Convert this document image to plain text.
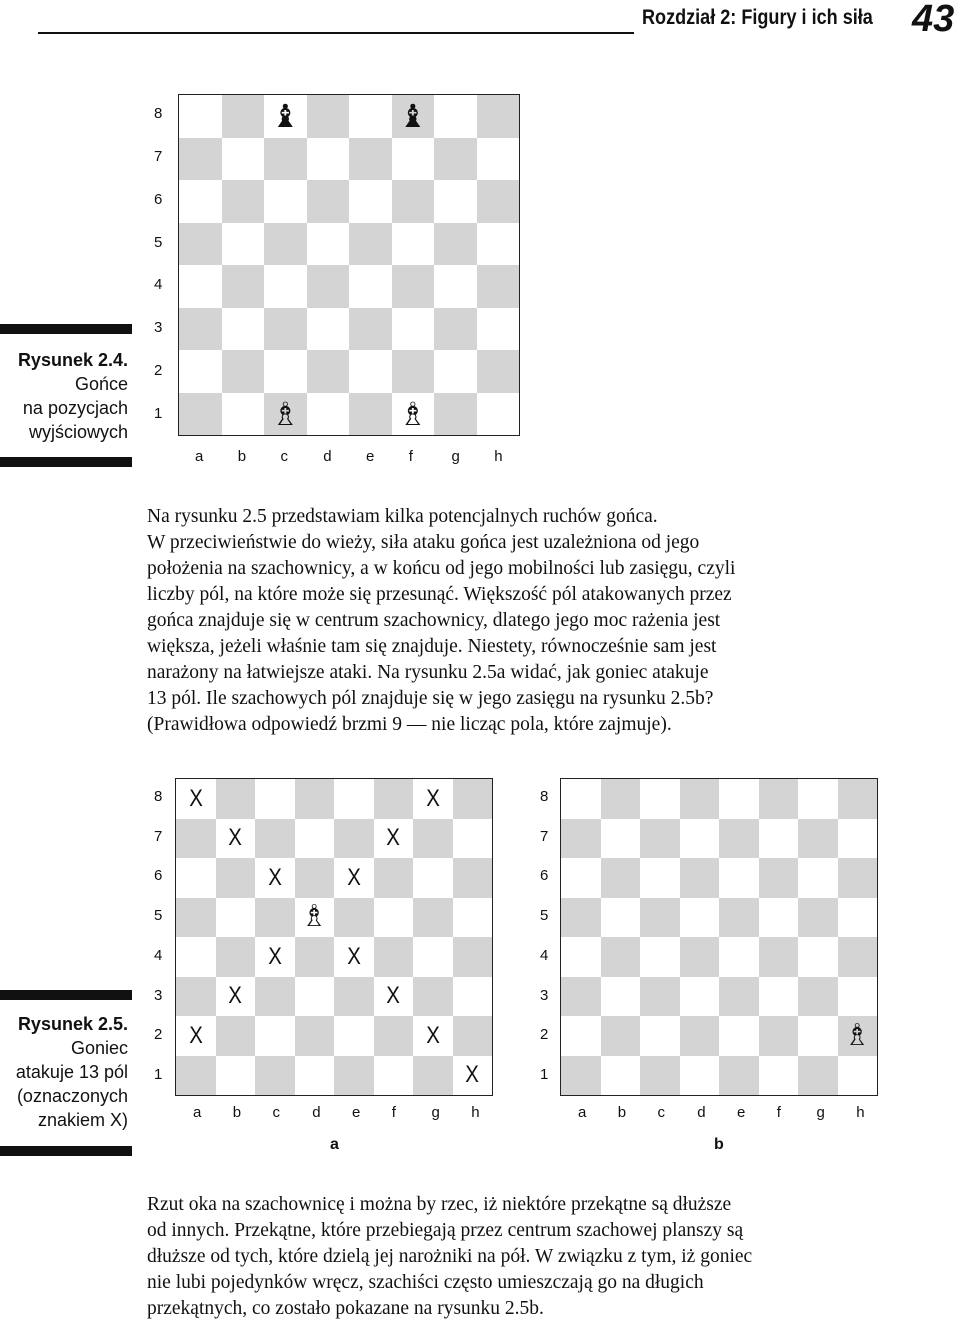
Rozdział 2: Figury i ich siła 43
Rysunek 2.4.
Gońce
na pozycjach
wyjściowych
♝	♝
♗	♗
8
7
6
5
4
3
2
1
a b c d e f	g h
Na rysunku 2.5 przedstawiam kilka potencjalnych ruchów gońca.
W przeciwieństwie do wieży, siła ataku gońca jest uzależniona od jego
położenia na szachownicy, a w końcu od jego mobilności lub zasięgu, czyli
liczby pól, na które może się przesunąć. Większość pól atakowanych przez
gońca znajduje się w centrum szachownicy, dlatego jego moc rażenia jest
większa, jeżeli właśnie tam się znajduje. Niestety, równocześnie sam jest
narażony na łatwiejsze ataki. Na rysunku 2.5a widać, jak goniec atakuje
13 pól. Ile szachowych pól znajduje się w jego zasięgu na rysunku 2.5b?
(Prawidłowa odpowiedź brzmi 9 — nie licząc pola, które zajmuje).
Rysunek 2.5.
Goniec
atakuje 13 pól
(oznaczonych
znakiem X)
X	X
X	X
X	X
♗
X	X
X	X
X	X
X
♗
8
7
6
5
4
3
2
1
a b c d e f g h
8
7
6
5
4
3
2
1
a b c d e f g h
a	b
Rzut oka na szachownicę i można by rzec, iż niektóre przekątne są dłuższe
od innych. Przekątne, które przebiegają przez centrum szachowej planszy są
dłuższe od tych, które dzielą jej narożniki na pół. W związku z tym, iż goniec
nie lubi pojedynków wręcz, szachiści często umieszczają go na długich
przekątnych, co zostało pokazane na rysunku 2.5b.
